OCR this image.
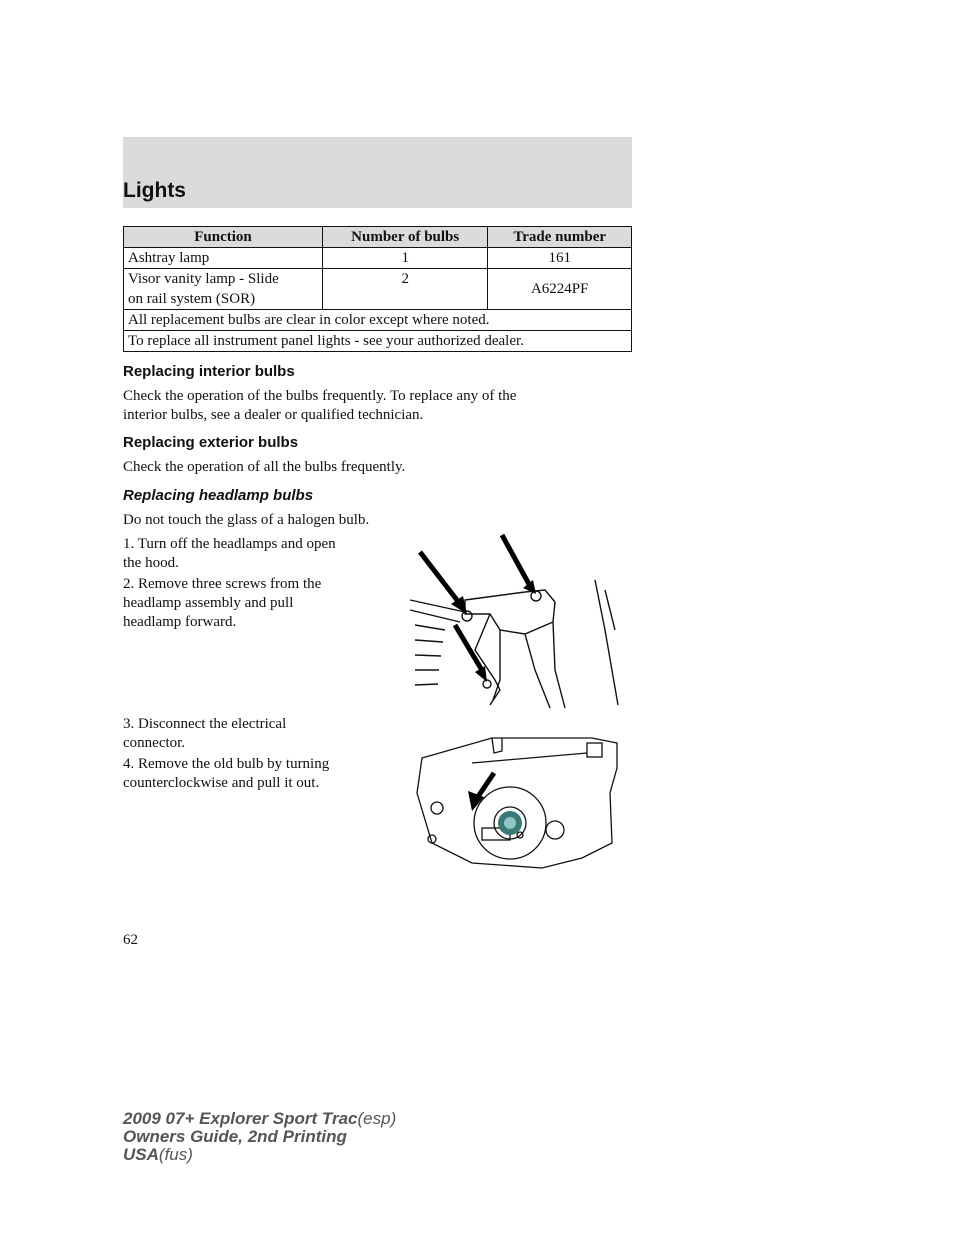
Lights
Function	Number of bulbs	Trade number
Ashtray lamp	1	161
Visor vanity lamp - Slide
on rail system (SOR)	2	A6224PF
All replacement bulbs are clear in color except where noted.		
To replace all instrument panel lights - see your authorized dealer.		
Replacing interior bulbs

Check the operation of the bulbs frequently. To replace any of the
interior bulbs, see a dealer or qualified technician.

Replacing exterior bulbs

Check the operation of all the bulbs frequently.

Replacing headlamp bulbs

Do not touch the glass of a halogen bulb.

1. Turn off the headlamps and open
the hood.

2. Remove three screws from the
headlamp assembly and pull
headlamp forward.

3. Disconnect the electrical
connector.

4. Remove the old bulb by turning
counterclockwise and pull it out.

62

2009 07+ Explorer Sport Trac(esp)
Owners Guide, 2nd Printing
USA(fus)
